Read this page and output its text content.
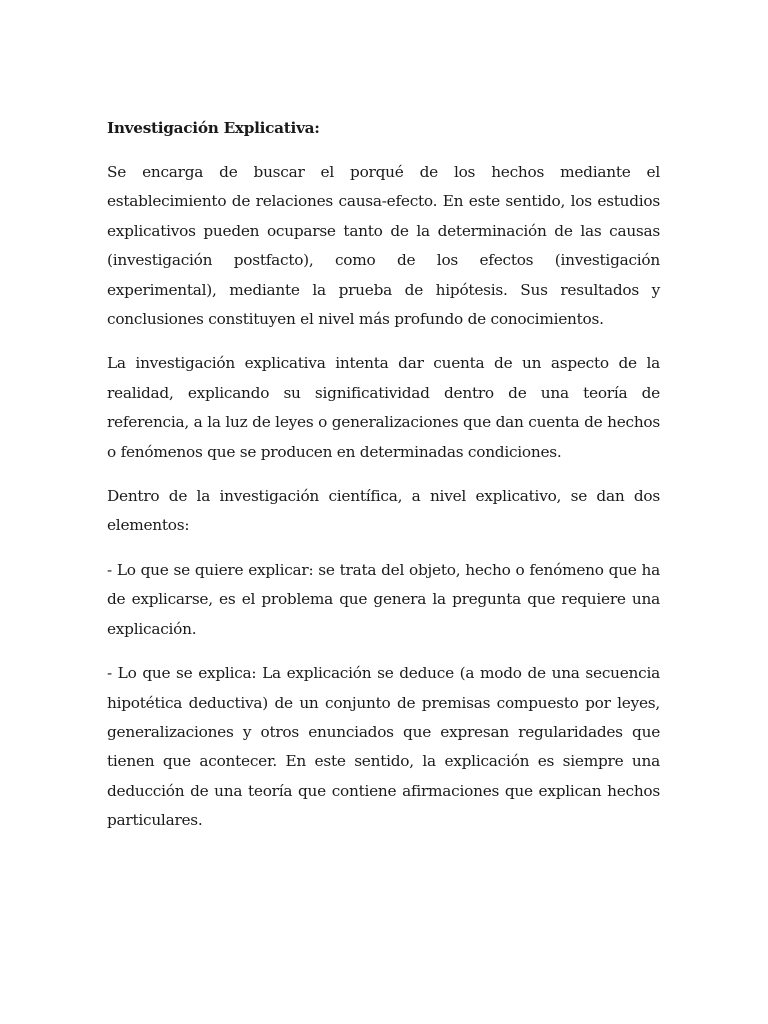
Investigación Explicativa:

Se encarga de buscar el porqué de los hechos mediante el establecimiento de relaciones causa-efecto. En este sentido, los estudios explicativos pueden ocuparse tanto de la determinación de las causas (investigación postfacto), como de los efectos (investigación experimental), mediante la prueba de hipótesis. Sus resultados y conclusiones constituyen el nivel más profundo de conocimientos.

La investigación explicativa intenta dar cuenta de un aspecto de la realidad, explicando su significatividad dentro de una teoría de referencia, a la luz de leyes o generalizaciones que dan cuenta de hechos o fenómenos que se producen en determinadas condiciones.

Dentro de la investigación científica, a nivel explicativo, se dan dos elementos:

- Lo que se quiere explicar: se trata del objeto, hecho o fenómeno que ha de explicarse, es el problema que genera la pregunta que requiere una explicación.

- Lo que se explica: La explicación se deduce (a modo de una secuencia hipotética deductiva) de un conjunto de premisas compuesto por leyes, generalizaciones y otros enunciados que expresan regularidades que tienen que acontecer. En este sentido, la explicación es siempre una deducción de una teoría que contiene afirmaciones que explican hechos particulares.
